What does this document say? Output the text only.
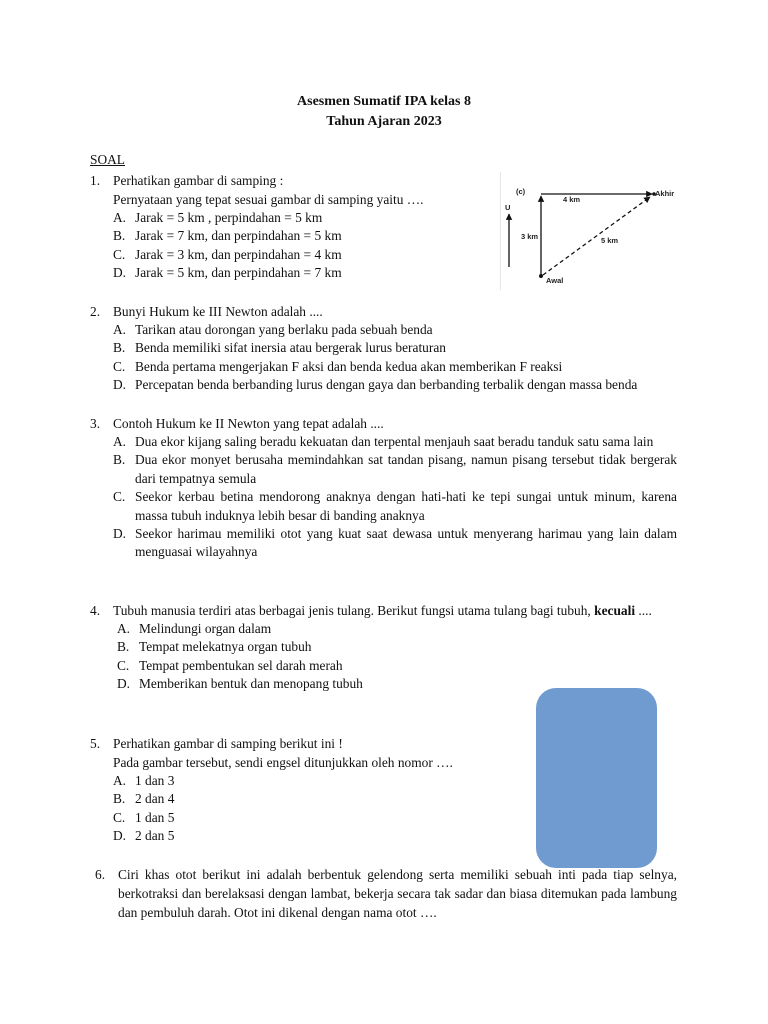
Asesmen Sumatif IPA kelas 8
Tahun Ajaran 2023
SOAL
1. Perhatikan gambar di samping :
Pernyataan yang tepat sesuai gambar di samping yaitu ….
A. Jarak = 5 km , perpindahan = 5 km
B. Jarak = 7 km, dan perpindahan = 5 km
C. Jarak = 3 km, dan perpindahan = 4 km
D. Jarak = 5 km, dan perpindahan = 7 km
U
(c)
4 km
3 km	5 km
Akhir
Awal
2. Bunyi Hukum ke III Newton adalah ....
A. Tarikan atau dorongan yang berlaku pada sebuah benda
B. Benda memiliki sifat inersia atau bergerak lurus beraturan
C. Benda pertama mengerjakan F aksi dan benda kedua akan memberikan F reaksi
D. Percepatan benda berbanding lurus dengan gaya dan berbanding terbalik dengan massa benda
3. Contoh Hukum ke II Newton yang tepat adalah ....
A. Dua ekor kijang saling beradu kekuatan dan terpental menjauh saat beradu tanduk satu sama lain
B. Dua ekor monyet berusaha memindahkan sat tandan pisang, namun pisang tersebut tidak bergerak dari tempatnya semula
C. Seekor kerbau betina mendorong anaknya dengan hati-hati ke tepi sungai untuk minum, karena massa tubuh induknya lebih besar di banding anaknya
D. Seekor harimau memiliki otot yang kuat saat dewasa untuk menyerang harimau yang lain dalam menguasai wilayahnya
4. Tubuh manusia terdiri atas berbagai jenis tulang. Berikut fungsi utama tulang bagi tubuh, kecuali ....
A. Melindungi organ dalam
B. Tempat melekatnya organ tubuh
C. Tempat pembentukan sel darah merah
D. Memberikan bentuk dan menopang tubuh
5. Perhatikan gambar di samping berikut ini !
Pada gambar tersebut, sendi engsel ditunjukkan oleh nomor ….
A. 1 dan 3
B. 2 dan 4
C. 1 dan 5
D. 2 dan 5
6. Ciri khas otot berikut ini adalah berbentuk gelendong serta memiliki sebuah inti pada tiap selnya, berkotraksi dan berelaksasi dengan lambat, bekerja secara tak sadar dan biasa ditemukan pada lambung dan pembuluh darah. Otot ini dikenal dengan nama otot ….
